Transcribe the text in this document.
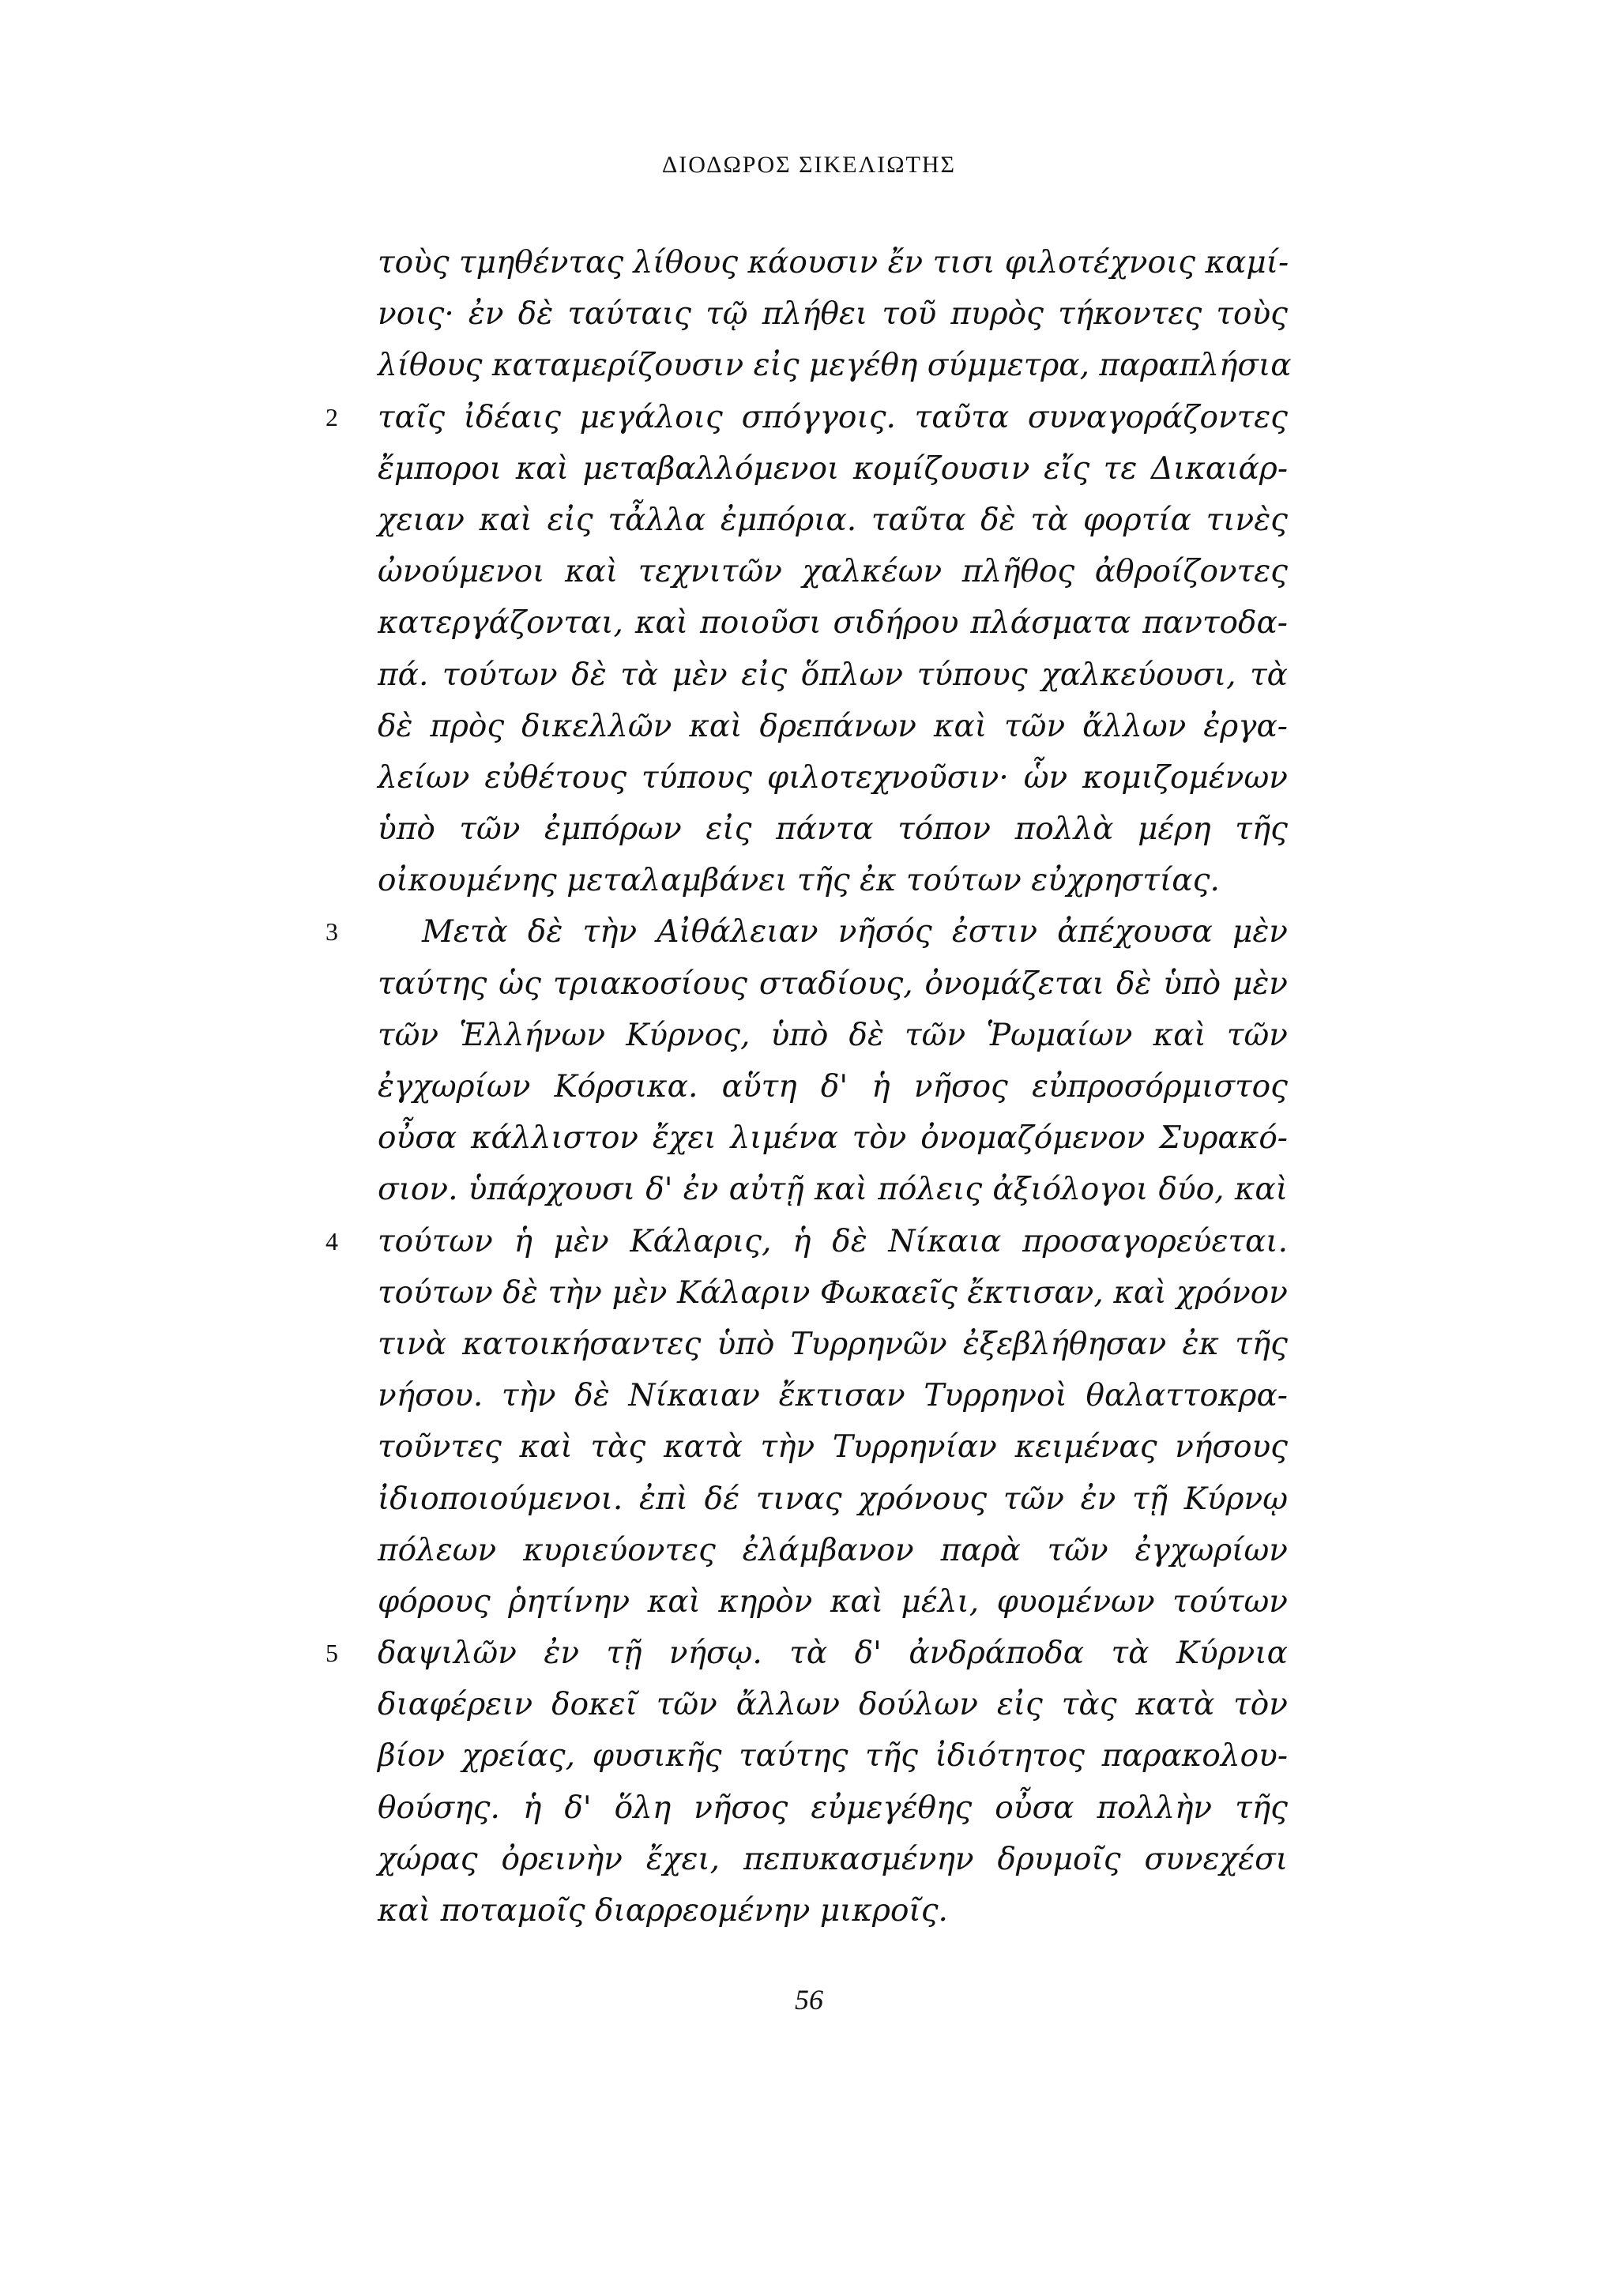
ΔΙΟΔΩΡΟΣ ΣΙΚΕΛΙΩΤΗΣ
τοὺς τμηθέντας λίθους κάουσιν ἔν τισι φιλοτέχνοις καμί-
νοις· ἐν δὲ ταύταις τῷ πλήθει τοῦ πυρὸς τήκοντες τοὺς
λίθους καταμερίζουσιν εἰς μεγέθη σύμμετρα, παραπλήσια
2 ταῖς ἰδέαις μεγάλοις σπόγγοις. ταῦτα συναγοράζοντες
ἔμποροι καὶ μεταβαλλόμενοι κομίζουσιν εἴς τε Δικαιάρ-
χειαν καὶ εἰς τἆλλα ἐμπόρια. ταῦτα δὲ τὰ φορτία τινὲς
ὠνούμενοι καὶ τεχνιτῶν χαλκέων πλῆθος ἀθροίζοντες
κατεργάζονται, καὶ ποιοῦσι σιδήρου πλάσματα παντοδα-
πά. τούτων δὲ τὰ μὲν εἰς ὅπλων τύπους χαλκεύουσι, τὰ
δὲ πρὸς δικελλῶν καὶ δρεπάνων καὶ τῶν ἄλλων ἐργα-
λείων εὐθέτους τύπους φιλοτεχνοῦσιν· ὧν κομιζομένων
ὑπὸ τῶν ἐμπόρων εἰς πάντα τόπον πολλὰ μέρη τῆς
οἰκουμένης μεταλαμβάνει τῆς ἐκ τούτων εὐχρηστίας.
3	Μετὰ δὲ τὴν Αἰθάλειαν νῆσός ἐστιν ἀπέχουσα μὲν
ταύτης ὡς τριακοσίους σταδίους, ὀνομάζεται δὲ ὑπὸ μὲν
τῶν Ἑλλήνων Κύρνος, ὑπὸ δὲ τῶν Ῥωμαίων καὶ τῶν
ἐγχωρίων Κόρσικα. αὕτη δ' ἡ νῆσος εὐπροσόρμιστος
οὖσα κάλλιστον ἔχει λιμένα τὸν ὀνομαζόμενον Συρακό-
σιον. ὑπάρχουσι δ' ἐν αὐτῇ καὶ πόλεις ἀξιόλογοι δύο, καὶ
4 τούτων ἡ μὲν Κάλαρις, ἡ δὲ Νίκαια προσαγορεύεται.
τούτων δὲ τὴν μὲν Κάλαριν Φωκαεῖς ἔκτισαν, καὶ χρόνον
τινὰ κατοικήσαντες ὑπὸ Τυρρηνῶν ἐξεβλήθησαν ἐκ τῆς
νήσου. τὴν δὲ Νίκαιαν ἔκτισαν Τυρρηνοὶ θαλαττοκρα-
τοῦντες καὶ τὰς κατὰ τὴν Τυρρηνίαν κειμένας νήσους
ἰδιοποιούμενοι. ἐπὶ δέ τινας χρόνους τῶν ἐν τῇ Κύρνῳ
πόλεων κυριεύοντες ἐλάμβανον παρὰ τῶν ἐγχωρίων
φόρους ῥητίνην καὶ κηρὸν καὶ μέλι, φυομένων τούτων
5 δαψιλῶν ἐν τῇ νήσῳ. τὰ δ' ἀνδράποδα τὰ Κύρνια
διαφέρειν δοκεῖ τῶν ἄλλων δούλων εἰς τὰς κατὰ τὸν
βίον χρείας, φυσικῆς ταύτης τῆς ἰδιότητος παρακολου-
θούσης. ἡ δ' ὅλη νῆσος εὐμεγέθης οὖσα πολλὴν τῆς
χώρας ὀρεινὴν ἔχει, πεπυκασμένην δρυμοῖς συνεχέσι
καὶ ποταμοῖς διαρρεομένην μικροῖς.
56
